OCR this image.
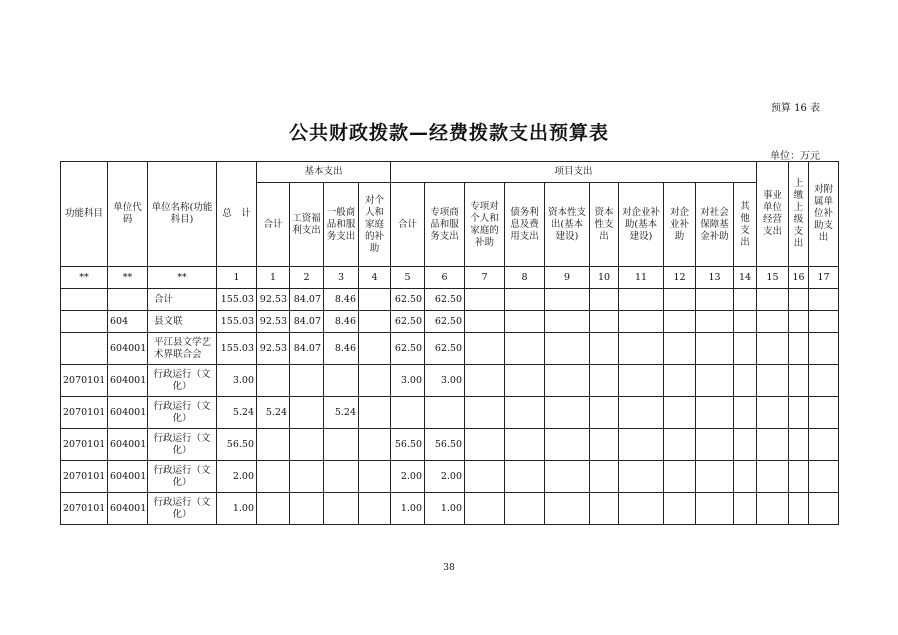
预算 16 表
公共财政拨款—经费拨款支出预算表
单位：万元
功能科目	单位代码	单位名称(功能科目)	总　计	基本支出				项目支出										事业单位经营支出	上缴上级支出	对附属单位补助支出
				合计	工资福利支出	一般商品和服务支出	对个人和家庭的补助	合计	专项商品和服务支出	专项对个人和家庭的补助	债务利息及费用支出	资本性支出(基本建设)	资本性支出	对企业补助(基本建设)	对企业补助	对社会保障基金补助	其他支出			
**	**	**	1	1	2	3	4	5	6	7	8	9	10	11	12	13	14	15	16	17
		合计	155.03	92.53	84.07	8.46		62.50	62.50											
	604	县文联	155.03	92.53	84.07	8.46		62.50	62.50											
	604001	平江县文学艺术界联合会	155.03	92.53	84.07	8.46		62.50	62.50											
2070101	604001	行政运行（文化）	3.00					3.00	3.00											
2070101	604001	行政运行（文化）	5.24	5.24		5.24														
2070101	604001	行政运行（文化）	56.50					56.50	56.50											
2070101	604001	行政运行（文化）	2.00					2.00	2.00											
2070101	604001	行政运行（文化）	1.00					1.00	1.00											
38
